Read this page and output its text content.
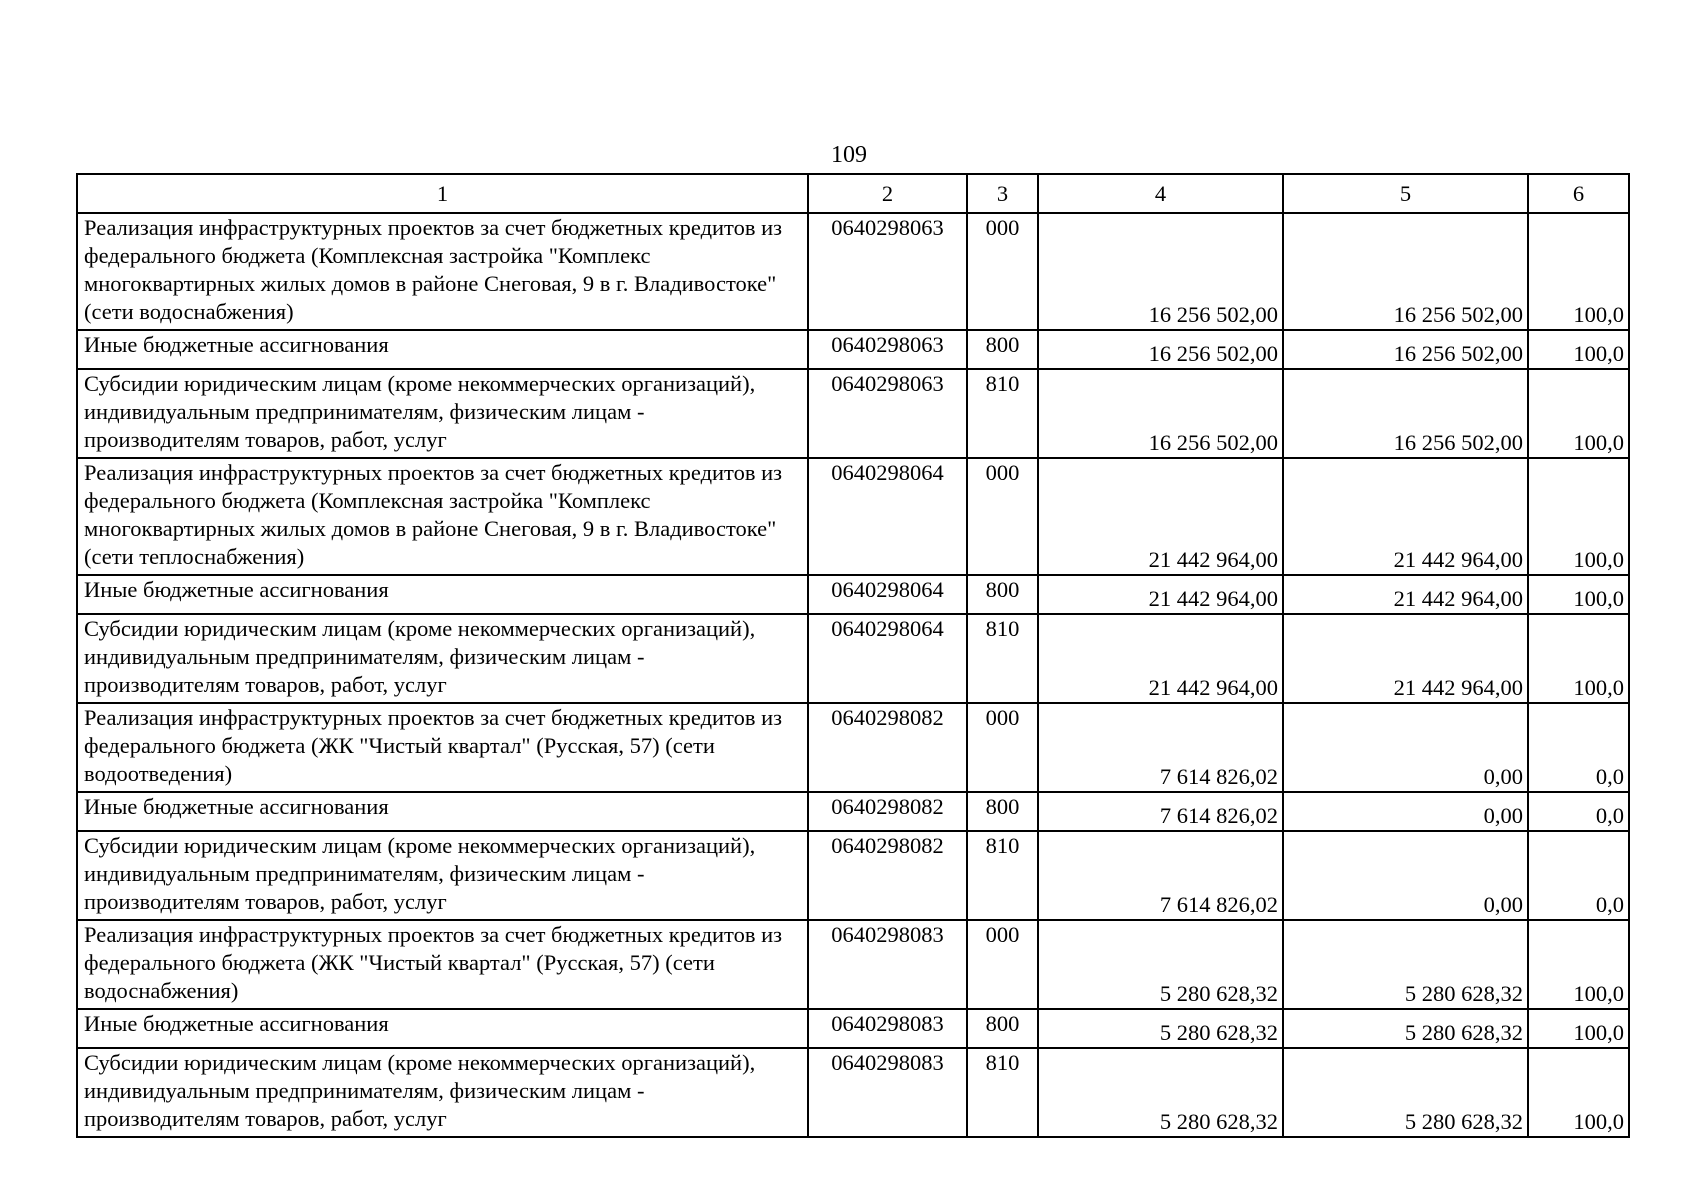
109
1	2	3	4	5	6
Реализация инфраструктурных проектов за счет бюджетных кредитов из федерального бюджета (Комплексная застройка "Комплекс многоквартирных жилых домов в районе Снеговая, 9 в г. Владивостоке" (сети водоснабжения)	0640298063	000	16 256 502,00	16 256 502,00	100,0
Иные бюджетные ассигнования	0640298063	800	16 256 502,00	16 256 502,00	100,0
Субсидии юридическим лицам (кроме некоммерческих организаций), индивидуальным предпринимателям, физическим лицам - производителям товаров, работ, услуг	0640298063	810	16 256 502,00	16 256 502,00	100,0
Реализация инфраструктурных проектов за счет бюджетных кредитов из федерального бюджета (Комплексная застройка "Комплекс многоквартирных жилых домов в районе Снеговая, 9 в г. Владивостоке" (сети теплоснабжения)	0640298064	000	21 442 964,00	21 442 964,00	100,0
Иные бюджетные ассигнования	0640298064	800	21 442 964,00	21 442 964,00	100,0
Субсидии юридическим лицам (кроме некоммерческих организаций), индивидуальным предпринимателям, физическим лицам - производителям товаров, работ, услуг	0640298064	810	21 442 964,00	21 442 964,00	100,0
Реализация инфраструктурных проектов за счет бюджетных кредитов из федерального бюджета (ЖК "Чистый квартал" (Русская, 57) (сети водоотведения)	0640298082	000	7 614 826,02	0,00	0,0
Иные бюджетные ассигнования	0640298082	800	7 614 826,02	0,00	0,0
Субсидии юридическим лицам (кроме некоммерческих организаций), индивидуальным предпринимателям, физическим лицам - производителям товаров, работ, услуг	0640298082	810	7 614 826,02	0,00	0,0
Реализация инфраструктурных проектов за счет бюджетных кредитов из федерального бюджета (ЖК "Чистый квартал" (Русская, 57) (сети водоснабжения)	0640298083	000	5 280 628,32	5 280 628,32	100,0
Иные бюджетные ассигнования	0640298083	800	5 280 628,32	5 280 628,32	100,0
Субсидии юридическим лицам (кроме некоммерческих организаций), индивидуальным предпринимателям, физическим лицам - производителям товаров, работ, услуг	0640298083	810	5 280 628,32	5 280 628,32	100,0
